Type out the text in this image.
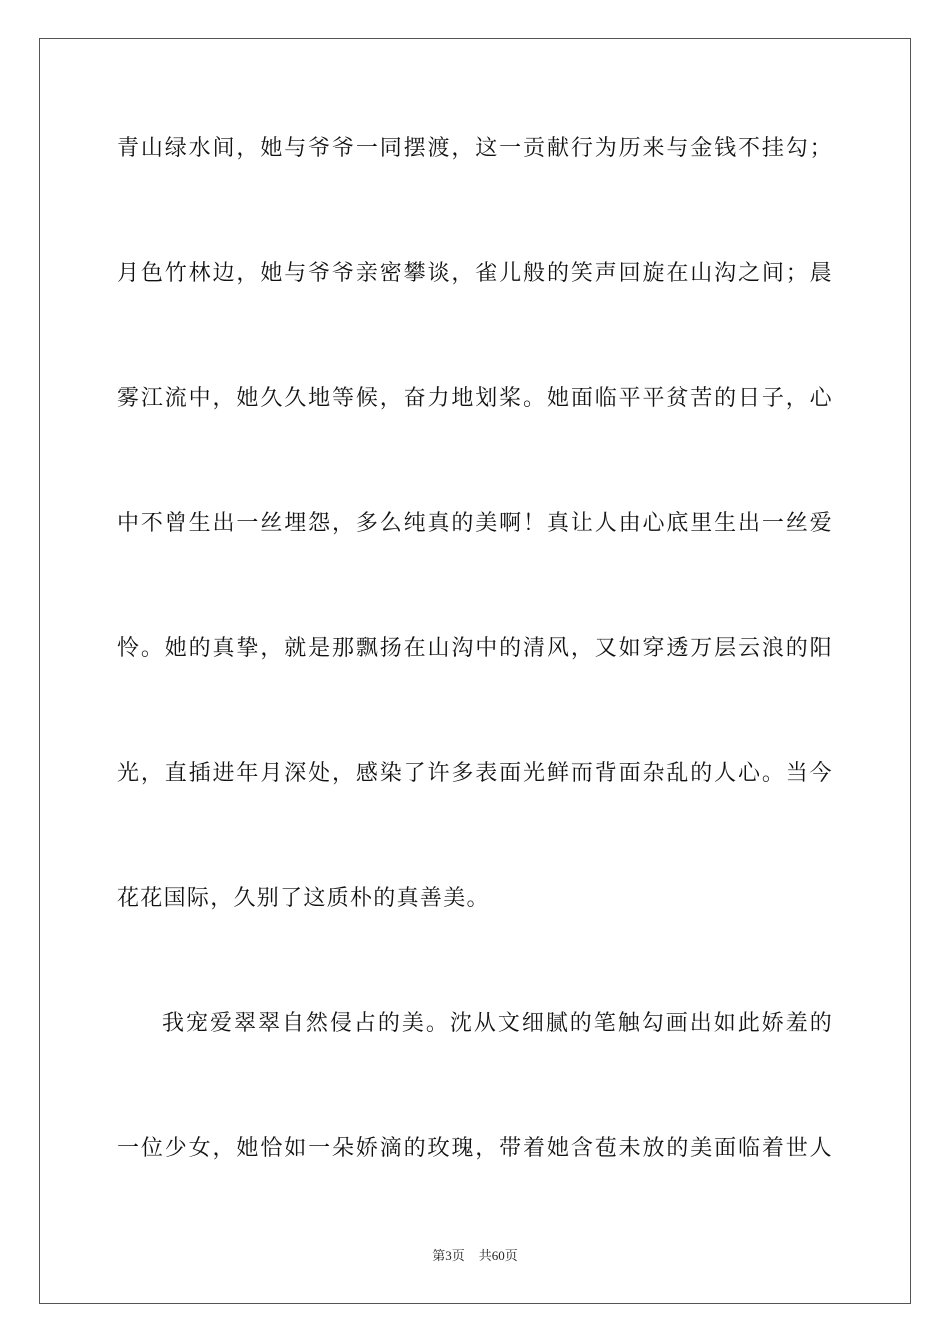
青山绿水间，她与爷爷一同摆渡，这一贡献行为历来与金钱不挂勾；
月色竹林边，她与爷爷亲密攀谈，雀儿般的笑声回旋在山沟之间；晨
雾江流中，她久久地等候，奋力地划桨。她面临平平贫苦的日子，心
中不曾生出一丝埋怨，多么纯真的美啊！真让人由心底里生出一丝爱
怜。她的真挚，就是那飘扬在山沟中的清风，又如穿透万层云浪的阳
光，直插进年月深处，感染了许多表面光鲜而背面杂乱的人心。当今
花花国际，久别了这质朴的真善美。
我宠爱翠翠自然侵占的美。沈从文细腻的笔触勾画出如此娇羞的
一位少女，她恰如一朵娇滴的玫瑰，带着她含苞未放的美面临着世人
第3页 共60页
